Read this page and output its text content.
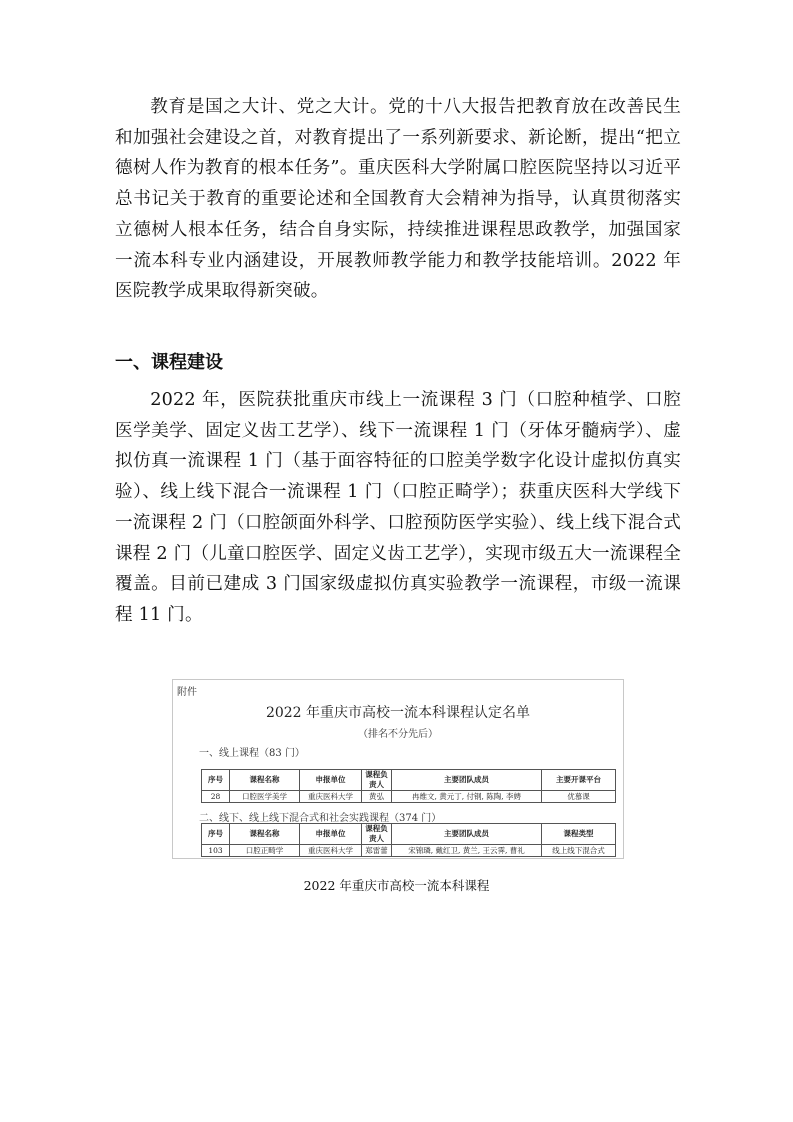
教育是国之大计、党之大计。党的十八大报告把教育放在改善民生和加强社会建设之首，对教育提出了一系列新要求、新论断，提出“把立德树人作为教育的根本任务”。重庆医科大学附属口腔医院坚持以习近平总书记关于教育的重要论述和全国教育大会精神为指导，认真贯彻落实立德树人根本任务，结合自身实际，持续推进课程思政教学，加强国家一流本科专业内涵建设，开展教师教学能力和教学技能培训。2022 年医院教学成果取得新突破。

一、课程建设

2022 年，医院获批重庆市线上一流课程 3 门（口腔种植学、口腔医学美学、固定义齿工艺学）、线下一流课程 1 门（牙体牙髓病学）、虚拟仿真一流课程 1 门（基于面容特征的口腔美学数字化设计虚拟仿真实验）、线上线下混合一流课程 1 门（口腔正畸学）；获重庆医科大学线下一流课程 2 门（口腔颌面外科学、口腔预防医学实验）、线上线下混合式课程 2 门（儿童口腔医学、固定义齿工艺学），实现市级五大一流课程全覆盖。目前已建成 3 门国家级虚拟仿真实验教学一流课程，市级一流课程 11 门。

附件
2022 年重庆市高校一流本科课程认定名单
（排名不分先后）
一、线上课程（83 门）
序号	课程名称	申报单位	课程负责人	主要团队成员	主要开课平台
28	口腔医学美学	重庆医科大学	黄弘	冉维文, 黄元丁, 付钢, 陈陶, 李娉	优慕课
二、线下、线上线下混合式和社会实践课程（374 门）
序号	课程名称	申报单位	课程负责人	主要团队成员	课程类型
103	口腔正畸学	重庆医科大学	郑雷蕾	宋锦璘, 戴红卫, 黄兰, 王云霁, 曹礼	线上线下混合式
2022 年重庆市高校一流本科课程
